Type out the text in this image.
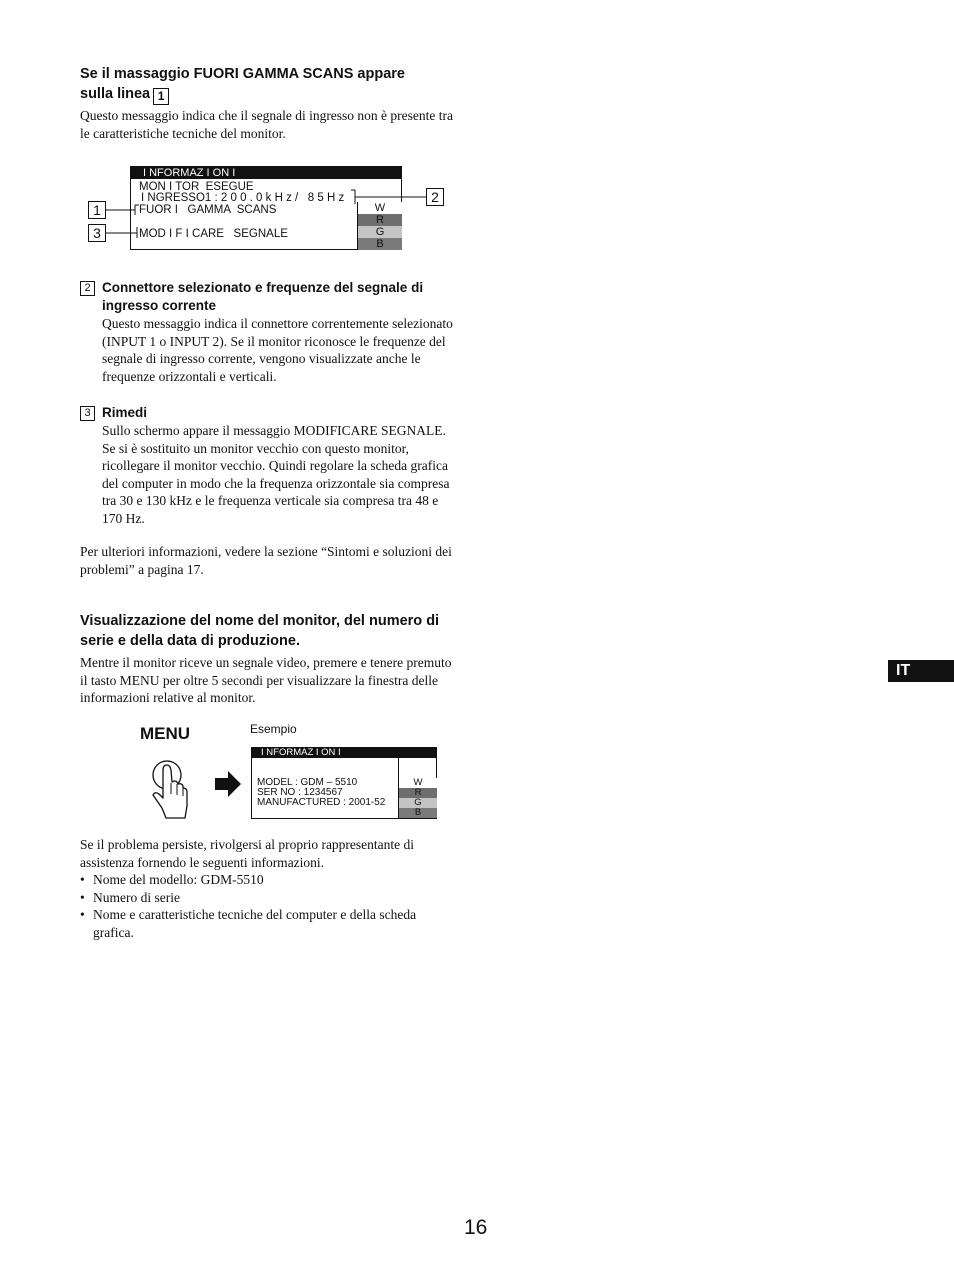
Se il massaggio FUORI GAMMA SCANS appare
sulla linea 1
Questo messaggio indica che il segnale di ingresso non è presente tra le caratteristiche tecniche del monitor.
I NFORMAZ I ON I
MON I TOR  ESEGUE
I NGRESSO1 : 2 0 0 . 0 k H z /   8 5 H z
FUOR I   GAMMA  SCANS
MOD I F I CARE   SEGNALE
W
R
G
B
1
2
3
2 Connettore selezionato e frequenze del segnale di ingresso corrente
Questo messaggio indica il connettore correntemente selezionato (INPUT 1 o INPUT 2). Se il monitor riconosce le frequenze del segnale di ingresso corrente, vengono visualizzate anche le frequenze orizzontali e verticali.
3 Rimedi
Sullo schermo appare il messaggio MODIFICARE SEGNALE. Se si è sostituito un monitor vecchio con questo monitor, ricollegare il monitor vecchio. Quindi regolare la scheda grafica del computer in modo che la frequenza orizzontale sia compresa tra 30 e 130 kHz e le frequenza verticale sia compresa tra 48 e 170 Hz.
Per ulteriori informazioni, vedere la sezione “Sintomi e soluzioni dei problemi” a pagina 17.
Visualizzazione del nome del monitor, del numero di serie e della data di produzione.
Mentre il monitor riceve un segnale video, premere e tenere premuto il tasto MENU per oltre 5 secondi per visualizzare la finestra delle informazioni relative al monitor.
MENU	Esempio
I NFORMAZ I ON I
MODEL : GDM – 5510
SER NO : 1234567
MANUFACTURED : 2001-52
W
R
G
B
Se il problema persiste, rivolgersi al proprio rappresentante di assistenza fornendo le seguenti informazioni.
• Nome del modello: GDM-5510
• Numero di serie
• Nome e caratteristiche tecniche del computer e della scheda grafica.
IT
16
